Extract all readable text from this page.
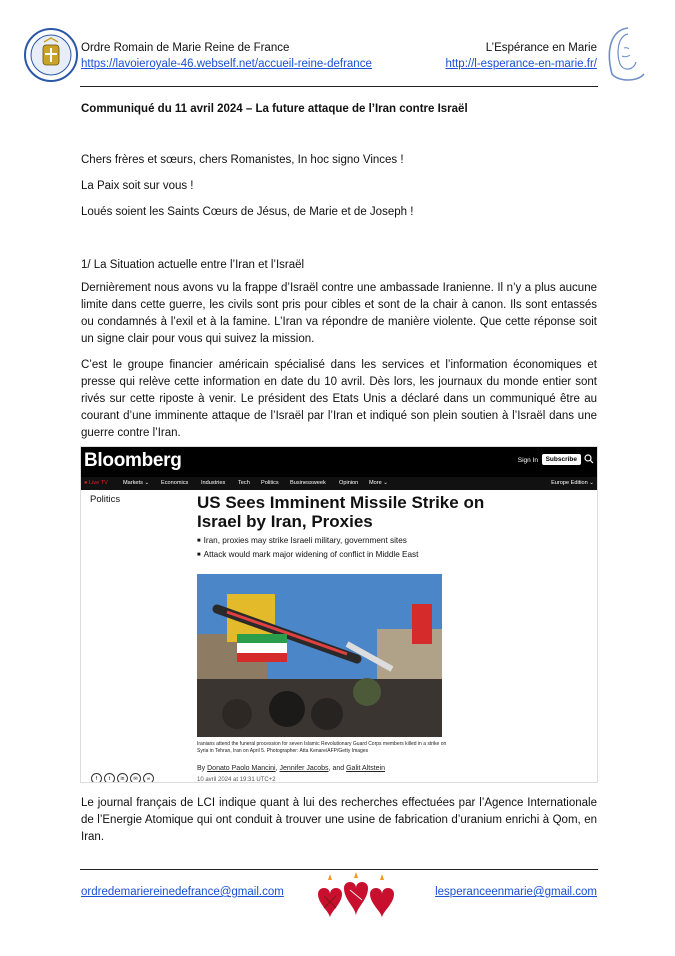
Ordre Romain de Marie Reine de France
https://lavoieroyale-46.webself.net/accueil-reine-defrance
L’Espérance en Marie
http://l-esperance-en-marie.fr/
Communiqué du 11 avril 2024 – La future attaque de l’Iran contre Israël
Chers frères et sœurs, chers Romanistes, In hoc signo Vinces !
La Paix soit sur vous !
Loués soient les Saints Cœurs de Jésus, de Marie et de Joseph !
1/ La Situation actuelle entre l’Iran et l’Israël
Dernièrement nous avons vu la frappe d’Israël contre une ambassade Iranienne. Il n’y a plus aucune limite dans cette guerre, les civils sont pris pour cibles et sont de la chair à canon. Ils sont entassés ou condamnés à l’exil et à la famine. L’Iran va répondre de manière violente. Que cette réponse soit un signe clair pour vous qui suivez la mission.
C’est le groupe financier américain spécialisé dans les services et l’information économiques et presse qui relève cette information en date du 10 avril. Dès lors, les journaux du monde entier sont rivés sur cette riposte à venir. Le président des Etats Unis a déclaré dans un communiqué être au courant d’une imminente attaque de l’Israël par l’Iran et indiqué son plein soutien à l’Israël dans une guerre contre l’Iran.
Bloomberg	Sign In	Subscribe
● Live TV	Markets ⌄ Economics Industries Tech Politics Businessweek Opinion More ⌄	Europe Edition ⌄
Politics	US Sees Imminent Missile Strike on Israel by Iran, Proxies
■ Iran, proxies may strike Israeli military, government sites
■ Attack would mark major widening of conflict in Middle East
Iranians attend the funeral procession for seven Islamic Revolutionary Guard Corps members killed in a strike on Syria in Tehran, Iran on April 5. Photographer: Atta Kenare/AFP/Getty Images
f t in ✉ ∞
By Donato Paolo Mancini, Jennifer Jacobs, and Galit Altstein
10 avril 2024 at 19:31 UTC+2
Le journal français de LCI indique quant à lui des recherches effectuées par l’Agence Internationale de l’Energie Atomique qui ont conduit à trouver une usine de fabrication d’uranium enrichi à Qom, en Iran.
ordredemariereinedefrance@gmail.com	lesperanceenmarie@gmail.com
